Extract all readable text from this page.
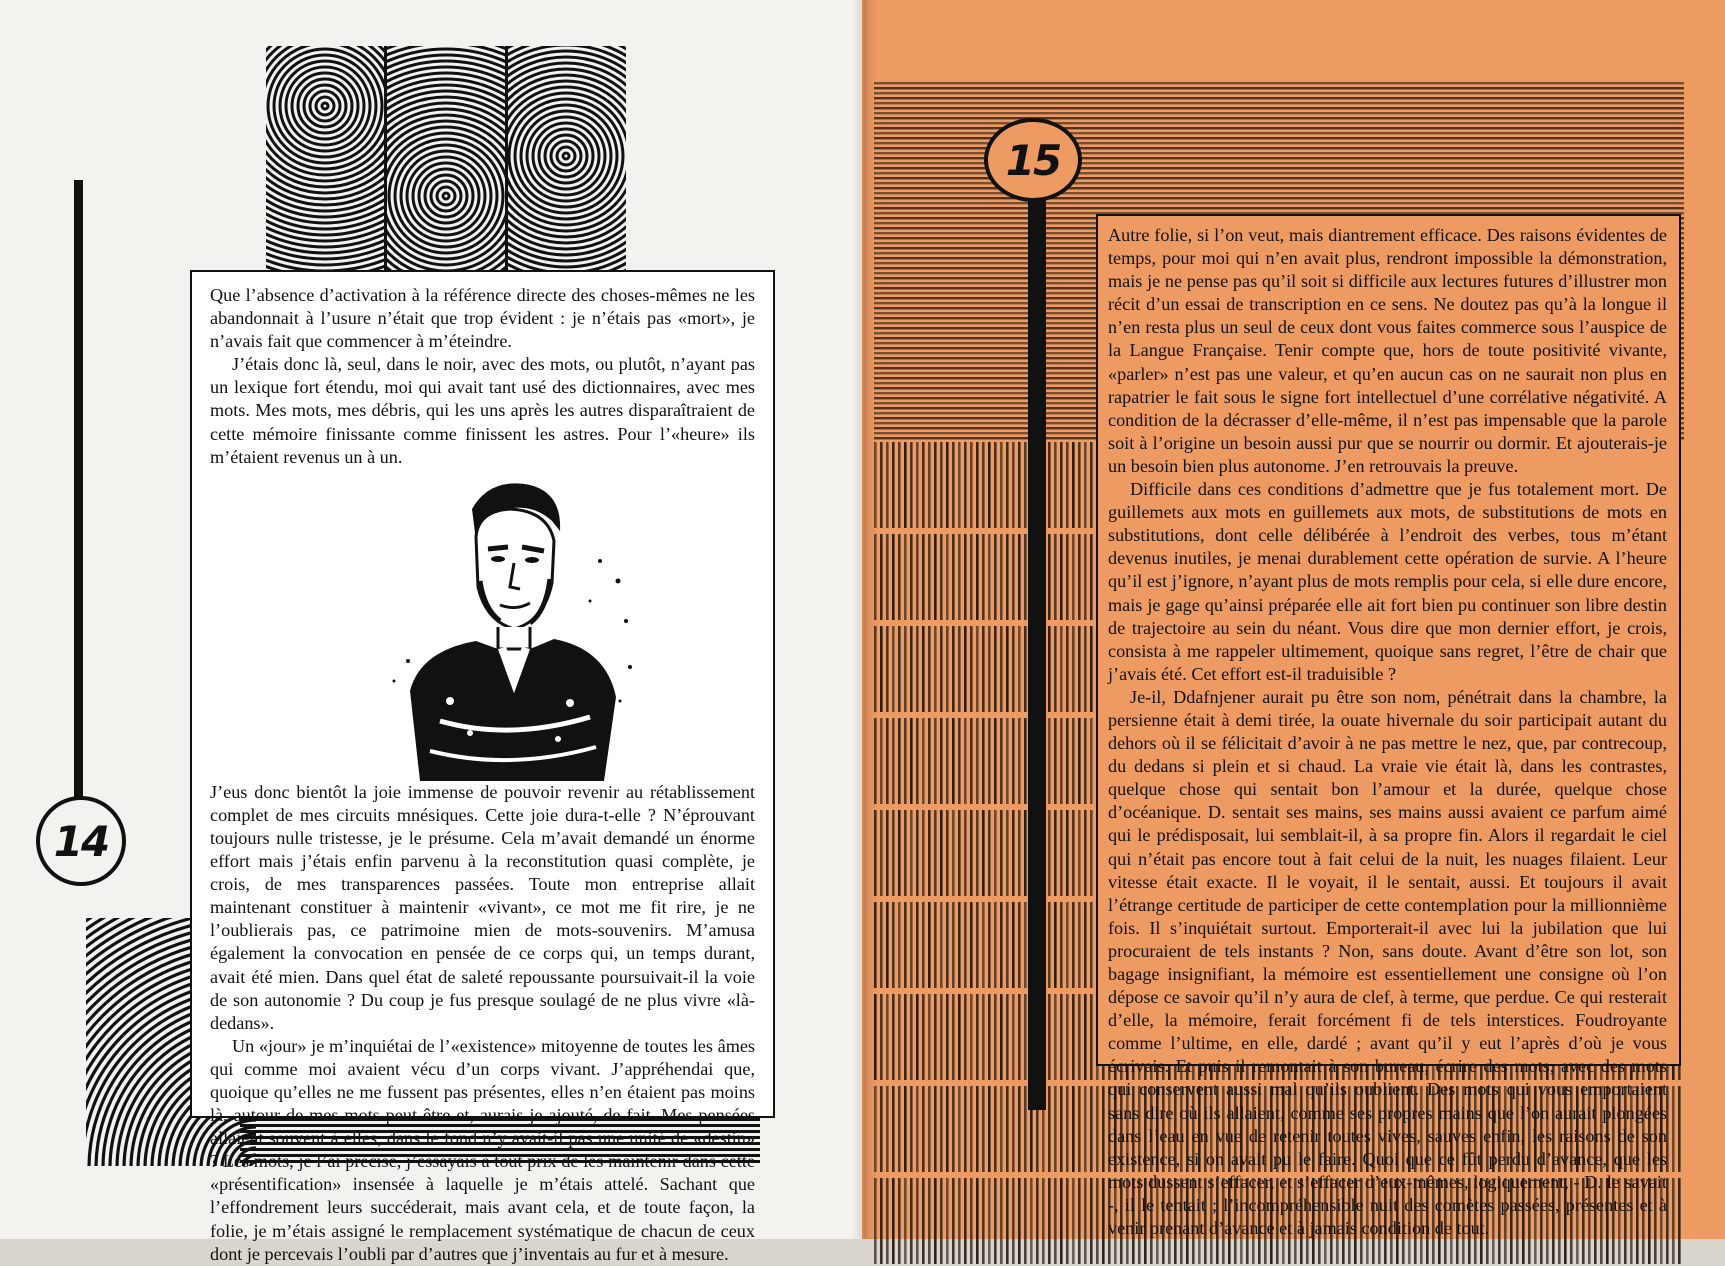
14

Que l’absence d’activation à la référence directe des choses-mêmes ne les abandonnait à l’usure n’était que trop évident : je n’étais pas «mort», je n’avais fait que commencer à m’éteindre.

J’étais donc là, seul, dans le noir, avec des mots, ou plutôt, n’ayant pas un lexique fort étendu, moi qui avait tant usé des dictionnaires, avec mes mots. Mes mots, mes débris, qui les uns après les autres disparaîtraient de cette mémoire finissante comme finissent les astres. Pour l’«heure» ils m’étaient revenus un à un.

J’eus donc bientôt la joie immense de pouvoir revenir au rétablissement complet de mes circuits mnésiques. Cette joie dura-t-elle ? N’éprouvant toujours nulle tristesse, je le présume. Cela m’avait demandé un énorme effort mais j’étais enfin parvenu à la reconstitution quasi complète, je crois, de mes transparences passées. Toute mon entreprise allait maintenant constituer à maintenir «vivant», ce mot me fit rire, je ne l’oublierais pas, ce patrimoine mien de mots-souvenirs. M’amusa également la convocation en pensée de ce corps qui, un temps durant, avait été mien. Dans quel état de saleté repoussante poursuivait-il la voie de son autonomie ? Du coup je fus presque soulagé de ne plus vivre «là-dedans».

Un «jour» je m’inquiétai de l’«existence» mitoyenne de toutes les âmes qui comme moi avaient vécu d’un corps vivant. J’appréhendai que, quoique qu’elles ne me fussent pas présentes, elles n’en étaient pas moins là, autour de mes mots peut-être et, aurais-je ajouté, de fait. Mes pensées allaient souvent à elles, dans le fond n’y avait-il pas une unité de «destin» ? Les mots, je l’ai précisé, j’essayais à tout prix de les maintenir dans cette «présentification» insensée à laquelle je m’étais attelé. Sachant que l’effondrement leurs succéderait, mais avant cela, et de toute façon, la folie, je m’étais assigné le remplacement systématique de chacun de ceux dont je percevais l’oubli par d’autres que j’inventais au fur et à mesure.

15

Autre folie, si l’on veut, mais diantrement efficace. Des raisons évidentes de temps, pour moi qui n’en avait plus, rendront impossible la démonstration, mais je ne pense pas qu’il soit si difficile aux lectures futures d’illustrer mon récit d’un essai de transcription en ce sens. Ne doutez pas qu’à la longue il n’en resta plus un seul de ceux dont vous faites commerce sous l’auspice de la Langue Française. Tenir compte que, hors de toute positivité vivante, «parler» n’est pas une valeur, et qu’en aucun cas on ne saurait non plus en rapatrier le fait sous le signe fort intellectuel d’une corrélative négativité. A condition de la décrasser d’elle-même, il n’est pas impensable que la parole soit à l’origine un besoin aussi pur que se nourrir ou dormir. Et ajouterais-je un besoin bien plus autonome. J’en retrouvais la preuve.

Difficile dans ces conditions d’admettre que je fus totalement mort. De guillemets aux mots en guillemets aux mots, de substitutions de mots en substitutions, dont celle délibérée à l’endroit des verbes, tous m’étant devenus inutiles, je menai durablement cette opération de survie. A l’heure qu’il est j’ignore, n’ayant plus de mots remplis pour cela, si elle dure encore, mais je gage qu’ainsi préparée elle ait fort bien pu continuer son libre destin de trajectoire au sein du néant. Vous dire que mon dernier effort, je crois, consista à me rappeler ultimement, quoique sans regret, l’être de chair que j’avais été. Cet effort est-il traduisible ?

Je-il, Ddafnjener aurait pu être son nom, pénétrait dans la chambre, la persienne était à demi tirée, la ouate hivernale du soir participait autant du dehors où il se félicitait d’avoir à ne pas mettre le nez, que, par contrecoup, du dedans si plein et si chaud. La vraie vie était là, dans les contrastes, quelque chose qui sentait bon l’amour et la durée, quelque chose d’océanique. D. sentait ses mains, ses mains aussi avaient ce parfum aimé qui le prédisposait, lui semblait-il, à sa propre fin. Alors il regardait le ciel qui n’était pas encore tout à fait celui de la nuit, les nuages filaient. Leur vitesse était exacte. Il le voyait, il le sentait, aussi. Et toujours il avait l’étrange certitude de participer de cette contemplation pour la millionnième fois. Il s’inquiétait surtout. Emporterait-il avec lui la jubilation que lui procuraient de tels instants ? Non, sans doute. Avant d’être son lot, son bagage insignifiant, la mémoire est essentiellement une consigne où l’on dépose ce savoir qu’il n’y aura de clef, à terme, que perdue. Ce qui resterait d’elle, la mémoire, ferait forcément fi de tels interstices. Foudroyante comme l’ultime, en elle, dardé ; avant qu’il y eut l’après d’où je vous écrivais. Et puis il remontait à son bureau, écrire des mots, avec des mots qui conservent aussi mal qu’ils oublient. Des mots qui vous emportaient sans dire où ils allaient, comme ses propres mains que l’on aurait plongées dans l’eau en vue de retenir toutes vives, sauves enfin, les raisons de son existence, si on avait pu le faire. Quoi que ce fût perdu d’avance, que les mots dussent s’effacer, et s’effacer d’eux-mêmes, logiquement, - D. le savait -, il le tentait ; l’incompréhensible nuit des comètes passées, présentes et à venir prenant d’avance et à jamais condition de tout.
